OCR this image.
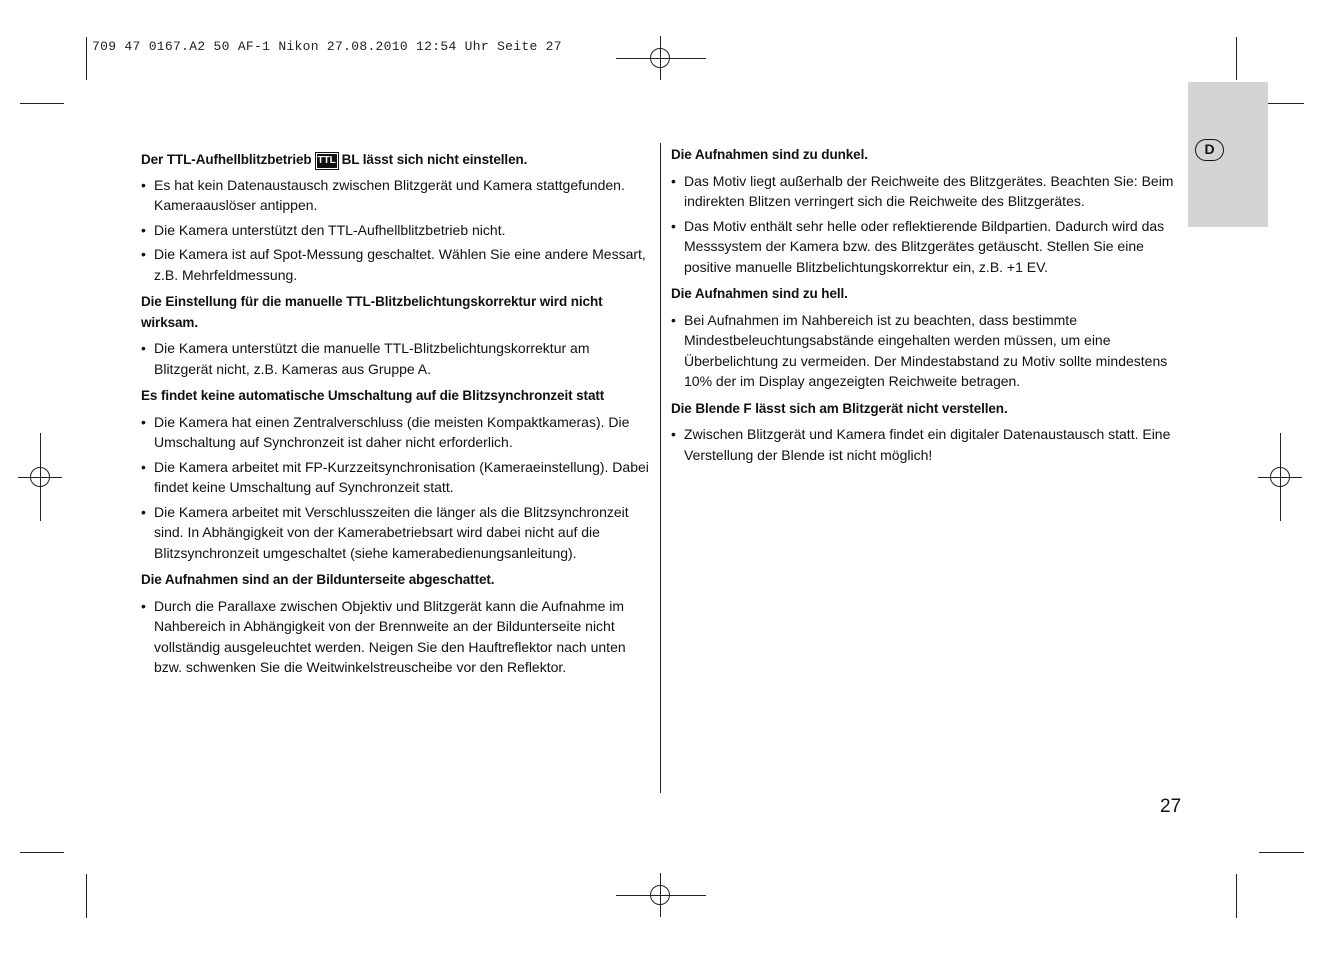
709 47 0167.A2 50 AF-1 Nikon 27.08.2010 12:54 Uhr Seite 27
D
Der TTL-Aufhellblitzbetrieb TTL BL lässt sich nicht einstellen.
• Es hat kein Datenaustausch zwischen Blitzgerät und Kamera stattgefunden. Kameraauslöser antippen.
• Die Kamera unterstützt den TTL-Aufhellblitzbetrieb nicht.
• Die Kamera ist auf Spot-Messung geschaltet. Wählen Sie eine andere Messart, z.B. Mehrfeldmessung.
Die Einstellung für die manuelle TTL-Blitzbelichtungskorrektur wird nicht wirksam.
• Die Kamera unterstützt die manuelle TTL-Blitzbelichtungskorrektur am Blitzgerät nicht, z.B. Kameras aus Gruppe A.
Es findet keine automatische Umschaltung auf die Blitzsynchronzeit statt
• Die Kamera hat einen Zentralverschluss (die meisten Kompaktkameras). Die Umschaltung auf Synchronzeit ist daher nicht erforderlich.
• Die Kamera arbeitet mit FP-Kurzzeitsynchronisation (Kameraeinstellung). Dabei findet keine Umschaltung auf Synchronzeit statt.
• Die Kamera arbeitet mit Verschlusszeiten die länger als die Blitzsynchronzeit sind. In Abhängigkeit von der Kamerabetriebsart wird dabei nicht auf die Blitzsynchronzeit umgeschaltet (siehe kamerabedienungsanleitung).
Die Aufnahmen sind an der Bildunterseite abgeschattet.
• Durch die Parallaxe zwischen Objektiv und Blitzgerät kann die Aufnahme im Nahbereich in Abhängigkeit von der Brennweite an der Bildunterseite nicht vollständig ausgeleuchtet werden. Neigen Sie den Hauftreflektor nach unten bzw. schwenken Sie die Weitwinkelstreuscheibe vor den Reflektor.
Die Aufnahmen sind zu dunkel.
• Das Motiv liegt außerhalb der Reichweite des Blitzgerätes. Beachten Sie: Beim indirekten Blitzen verringert sich die Reichweite des Blitzgerätes.
• Das Motiv enthält sehr helle oder reflektierende Bildpartien. Dadurch wird das Messsystem der Kamera bzw. des Blitzgerätes getäuscht. Stellen Sie eine positive manuelle Blitzbelichtungskorrektur ein, z.B. +1 EV.
Die Aufnahmen sind zu hell.
• Bei Aufnahmen im Nahbereich ist zu beachten, dass bestimmte Mindestbeleuchtungsabstände eingehalten werden müssen, um eine Überbelichtung zu vermeiden. Der Mindestabstand zu Motiv sollte mindestens 10% der im Display angezeigten Reichweite betragen.
Die Blende F lässt sich am Blitzgerät nicht verstellen.
• Zwischen Blitzgerät und Kamera findet ein digitaler Datenaustausch statt. Eine Verstellung der Blende ist nicht möglich!
27
